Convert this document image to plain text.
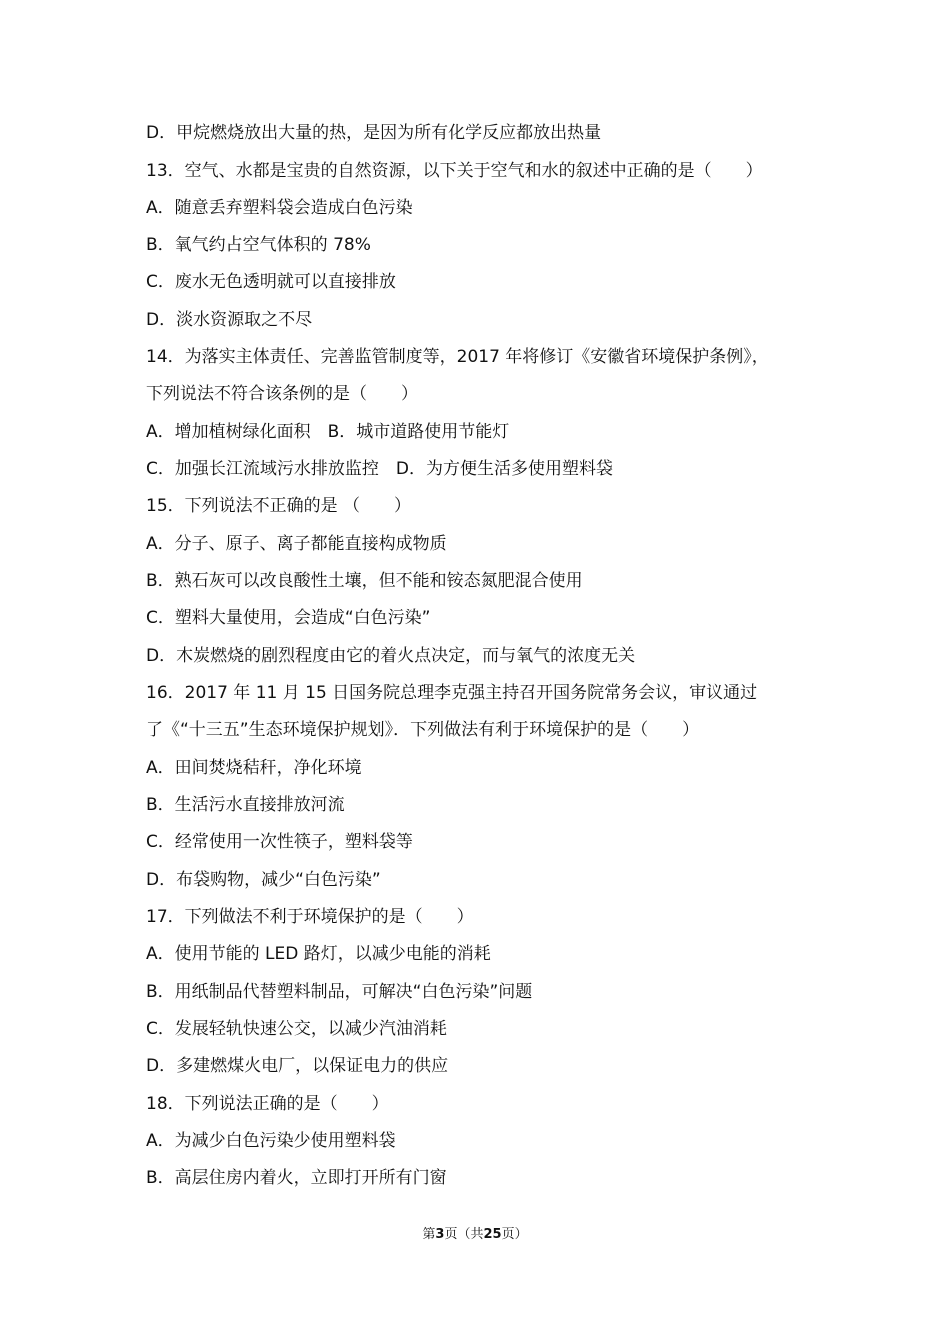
D．甲烷燃烧放出大量的热，是因为所有化学反应都放出热量
13．空气、水都是宝贵的自然资源，以下关于空气和水的叙述中正确的是（　　）
A．随意丢弃塑料袋会造成白色污染
B．氧气约占空气体积的 78%
C．废水无色透明就可以直接排放
D．淡水资源取之不尽
14．为落实主体责任、完善监管制度等，2017 年将修订《安徽省环境保护条例》，
下列说法不符合该条例的是（　　）
A．增加植树绿化面积　B．城市道路使用节能灯
C．加强长江流域污水排放监控　D．为方便生活多使用塑料袋
15．下列说法不正确的是 （　　）
A．分子、原子、离子都能直接构成物质
B．熟石灰可以改良酸性土壤，但不能和铵态氮肥混合使用
C．塑料大量使用，会造成“白色污染”
D．木炭燃烧的剧烈程度由它的着火点决定，而与氧气的浓度无关
16．2017 年 11 月 15 日国务院总理李克强主持召开国务院常务会议，审议通过
了《“十三五”生态环境保护规划》．下列做法有利于环境保护的是（　　）
A．田间焚烧秸秆，净化环境
B．生活污水直接排放河流
C．经常使用一次性筷子，塑料袋等
D．布袋购物，减少“白色污染”
17．下列做法不利于环境保护的是（　　）
A．使用节能的 LED 路灯，以减少电能的消耗
B．用纸制品代替塑料制品，可解决“白色污染”问题
C．发展轻轨快速公交，以减少汽油消耗
D．多建燃煤火电厂，以保证电力的供应
18．下列说法正确的是（　　）
A．为减少白色污染少使用塑料袋
B．高层住房内着火，立即打开所有门窗
第3页（共25页）
